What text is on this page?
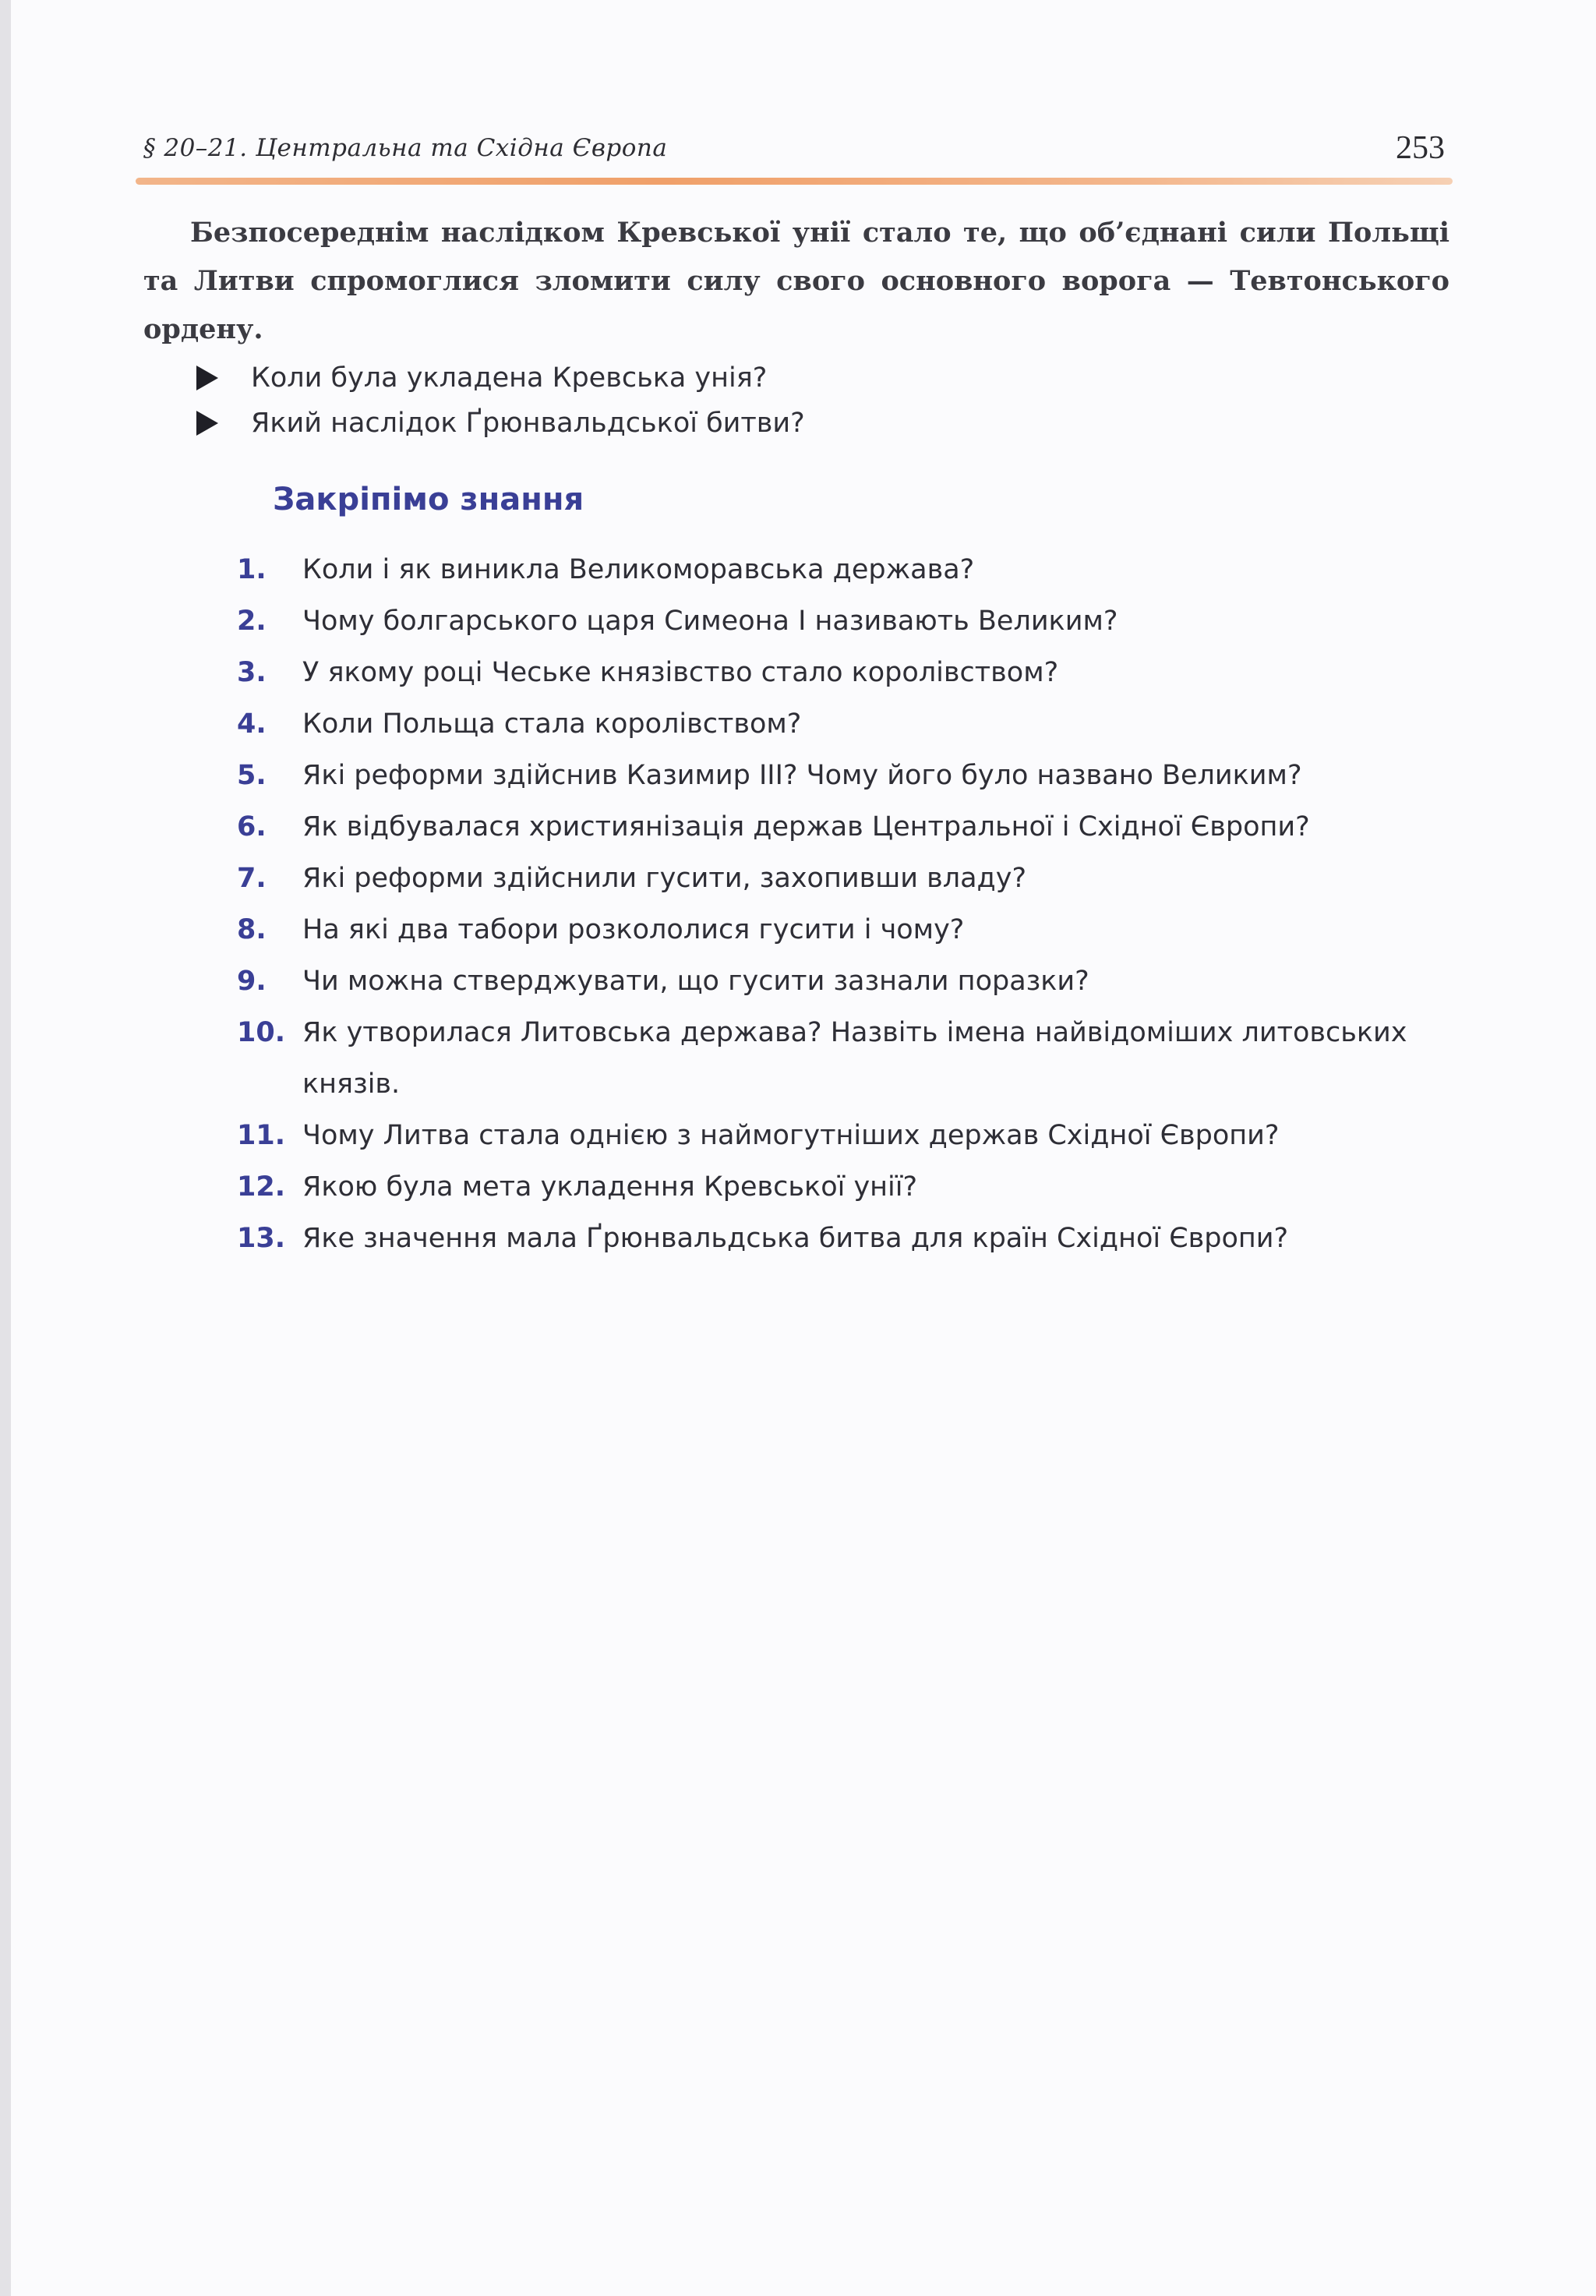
§ 20–21. Центральна та Східна Європа	253

Безпосереднім наслідком Кревської унії стало те, що об’єднані сили Польщі та Литви спромоглися зломити силу свого основного ворога — Тевтонського ордену.

Коли була укладена Кревська унія?
Який наслідок Ґрюнвальдської битви?
Закріпімо знання
1.	Коли і як виникла Великоморавська держава?
2.	Чому болгарського царя Симеона І називають Великим?
3.	У якому році Чеське князівство стало королівством?
4.	Коли Польща стала королівством?
5.	Які реформи здійснив Казимир III? Чому його було названо Великим?
6.	Як відбувалася християнізація держав Центральної і Східної Європи?
7.	Які реформи здійснили гусити, захопивши владу?
8.	На які два табори розкололися гусити і чому?
9.	Чи можна стверджувати, що гусити зазнали поразки?
10. Як утворилася Литовська держава? Назвіть імена найвідоміших литовських князів.
11. Чому Литва стала однією з наймогутніших держав Східної Європи?
12. Якою була мета укладення Кревської унії?
13. Яке значення мала Ґрюнвальдська битва для країн Східної Європи?
